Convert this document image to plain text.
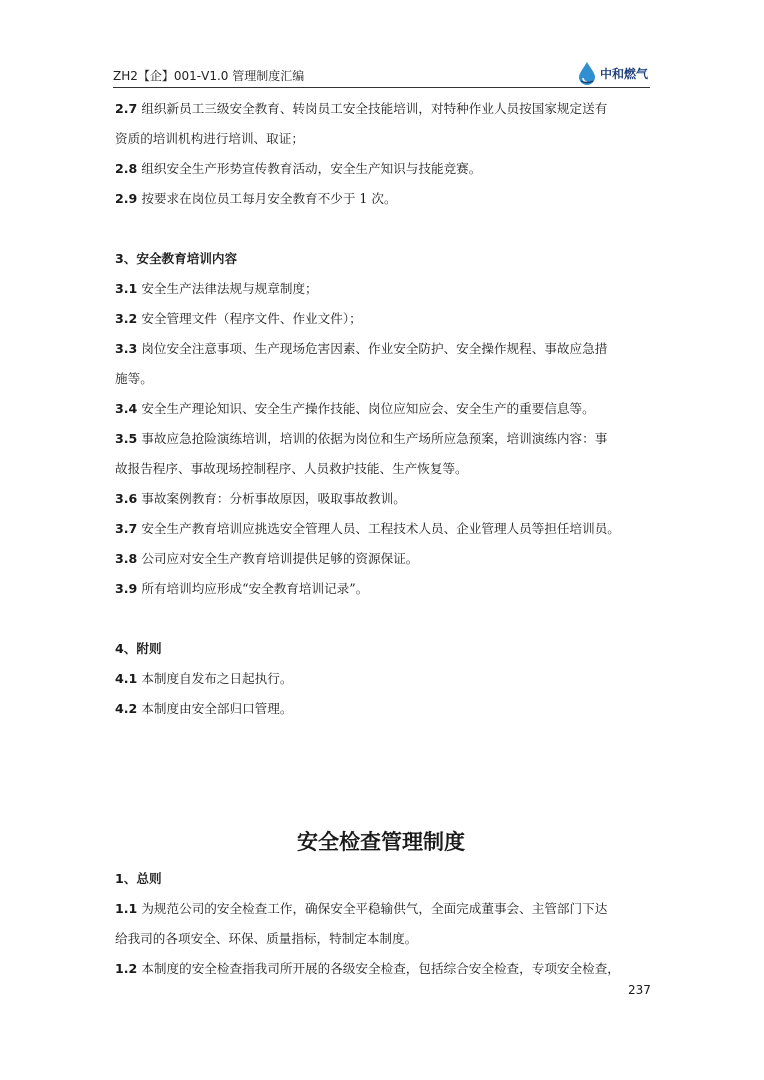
ZH2【企】001-V1.0 管理制度汇编	中和燃气

2.7 组织新员工三级安全教育、转岗员工安全技能培训，对特种作业人员按国家规定送有

资质的培训机构进行培训、取证；

2.8 组织安全生产形势宣传教育活动，安全生产知识与技能竞赛。

2.9 按要求在岗位员工每月安全教育不少于 1 次。

3、安全教育培训内容

3.1 安全生产法律法规与规章制度；

3.2 安全管理文件（程序文件、作业文件）；

3.3 岗位安全注意事项、生产现场危害因素、作业安全防护、安全操作规程、事故应急措

施等。

3.4 安全生产理论知识、安全生产操作技能、岗位应知应会、安全生产的重要信息等。

3.5 事故应急抢险演练培训，培训的依据为岗位和生产场所应急预案，培训演练内容：事

故报告程序、事故现场控制程序、人员救护技能、生产恢复等。

3.6 事故案例教育：分析事故原因，吸取事故教训。

3.7 安全生产教育培训应挑选安全管理人员、工程技术人员、企业管理人员等担任培训员。

3.8 公司应对安全生产教育培训提供足够的资源保证。

3.9 所有培训均应形成“安全教育培训记录”。

4、附则

4.1 本制度自发布之日起执行。

4.2 本制度由安全部归口管理。

安全检查管理制度

1、总则

1.1 为规范公司的安全检查工作，确保安全平稳输供气，全面完成董事会、主管部门下达

给我司的各项安全、环保、质量指标，特制定本制度。

1.2 本制度的安全检查指我司所开展的各级安全检查，包括综合安全检查，专项安全检查，

237
